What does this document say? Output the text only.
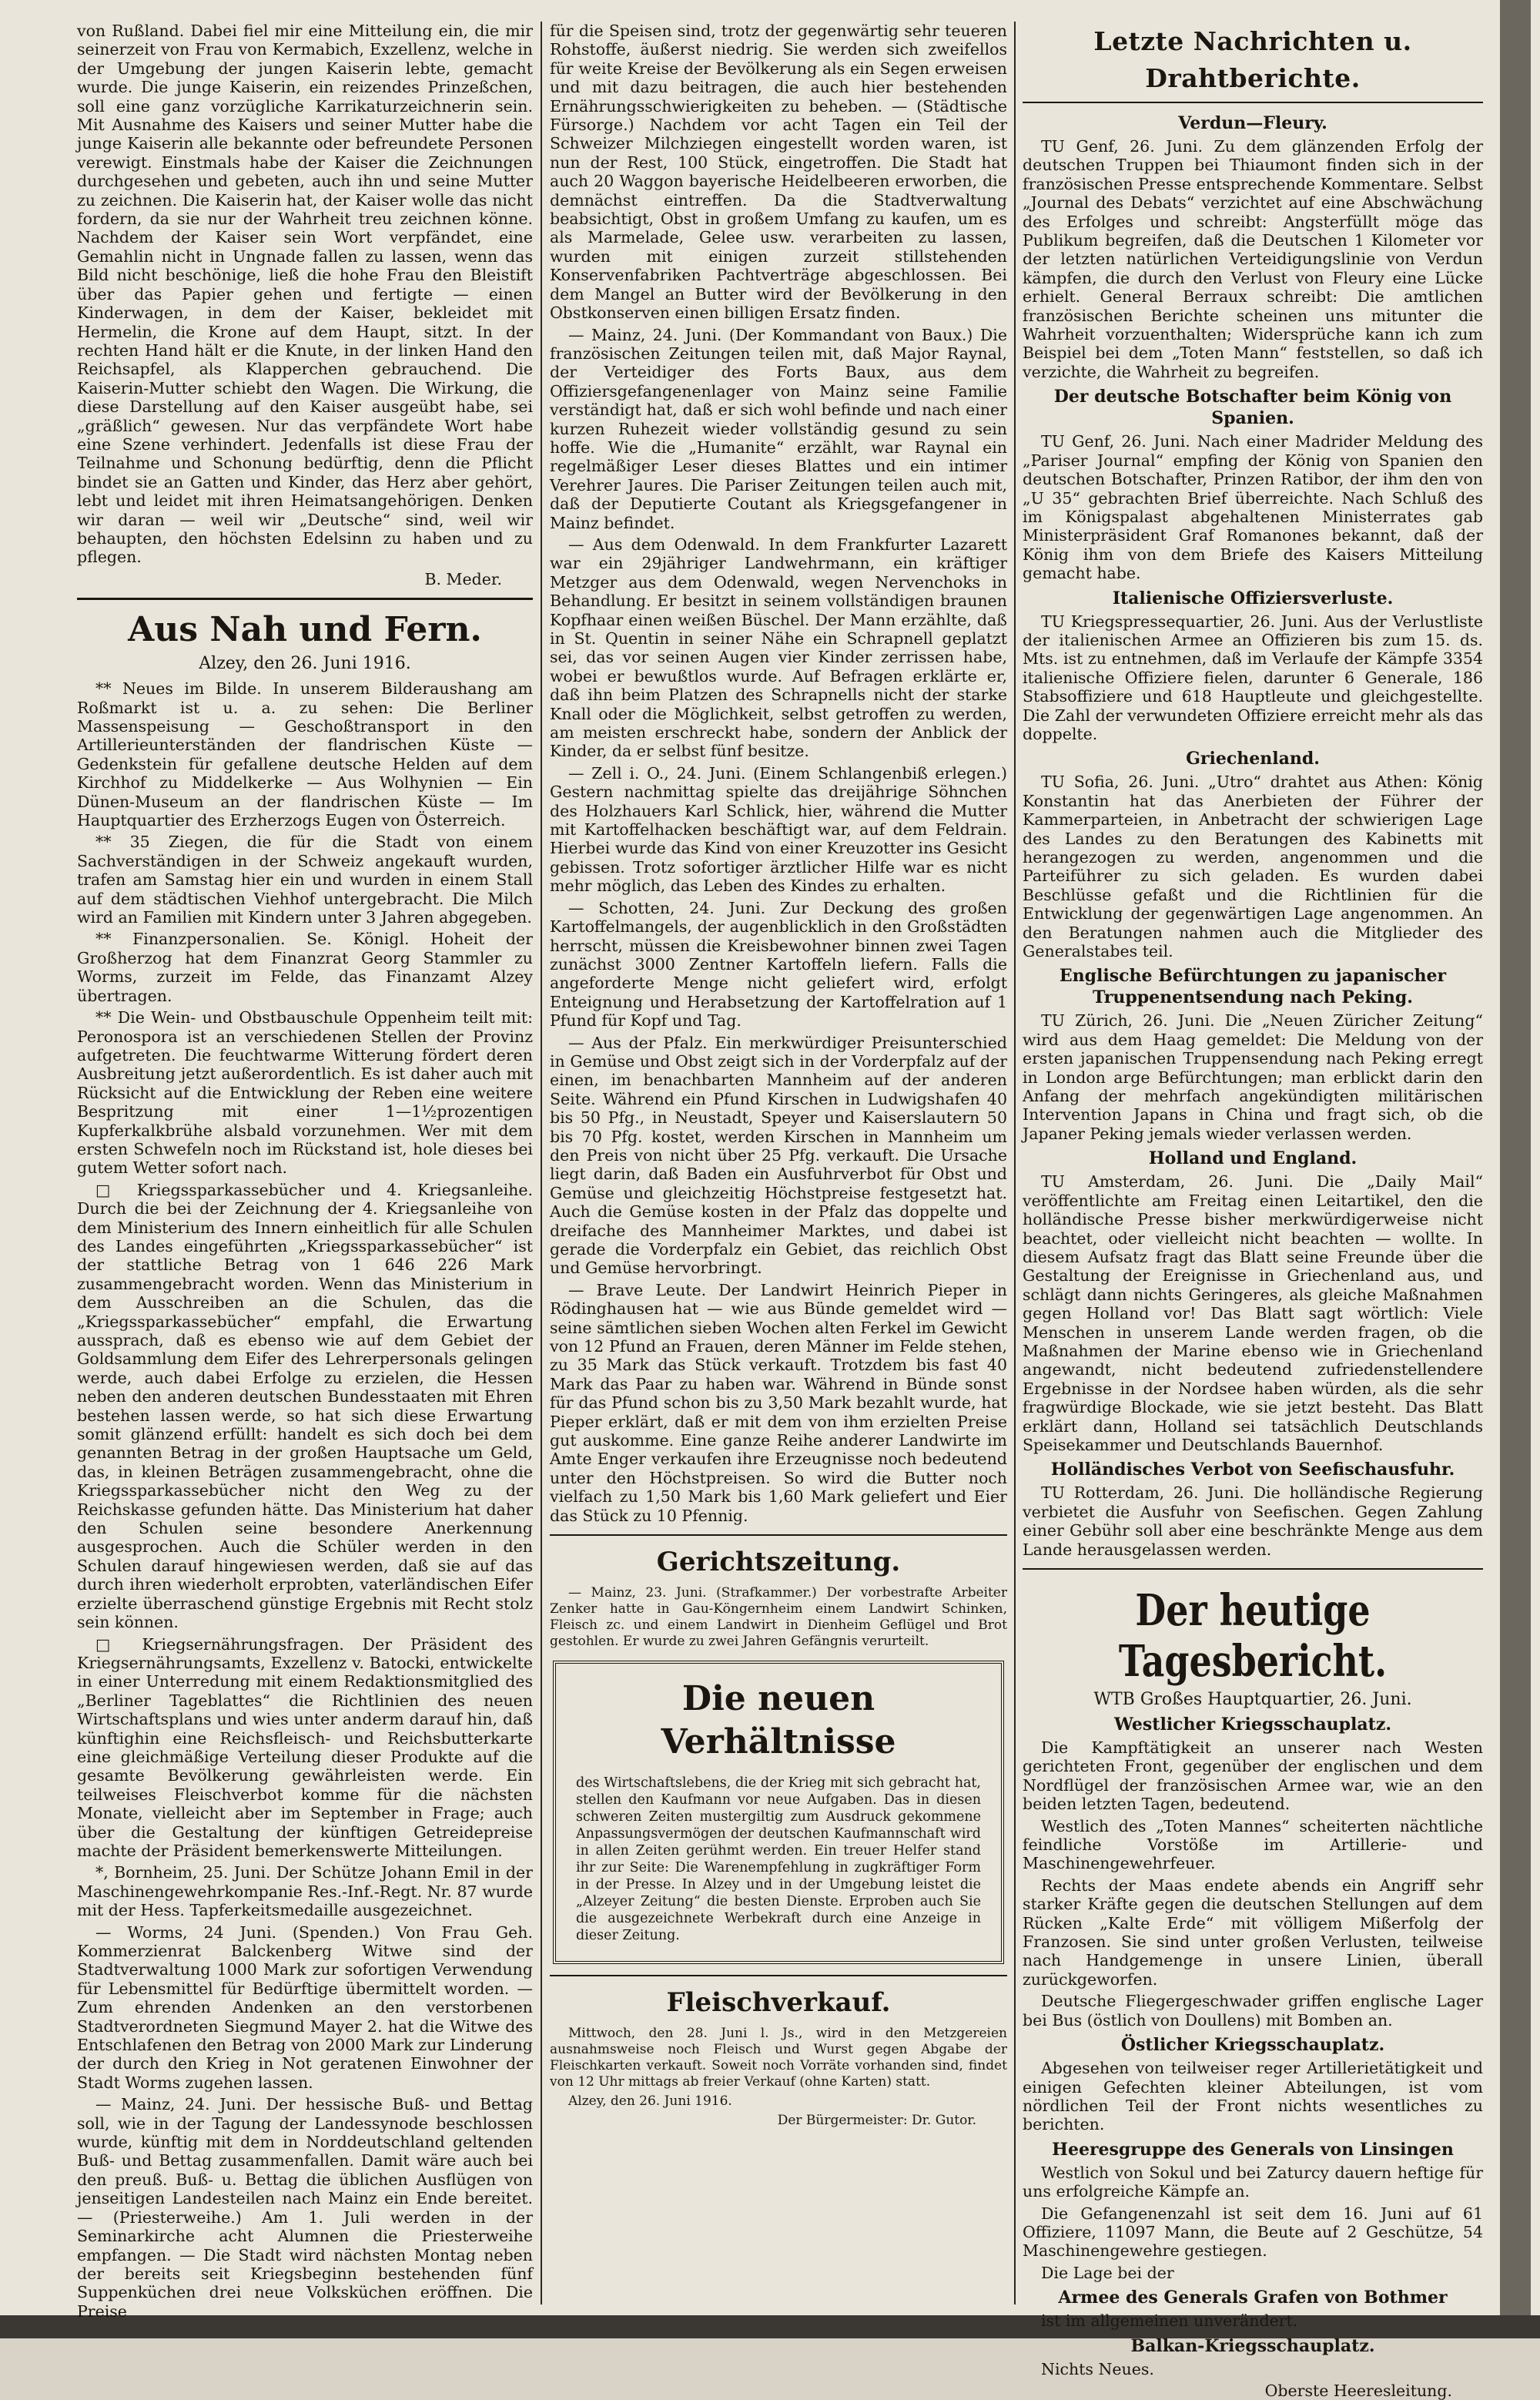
von Rußland. Dabei fiel mir eine Mitteilung ein, die mir seinerzeit von Frau von Kermabich, Exzellenz, welche in der Umgebung der jungen Kaiserin lebte, gemacht wurde. Die junge Kaiserin, ein reizendes Prinzeßchen, soll eine ganz vorzügliche Karrikaturzeichnerin sein. Mit Ausnahme des Kaisers und seiner Mutter habe die junge Kaiserin alle bekannte oder befreundete Personen verewigt. Einstmals habe der Kaiser die Zeichnungen durchgesehen und gebeten, auch ihn und seine Mutter zu zeichnen. Die Kaiserin hat, der Kaiser wolle das nicht fordern, da sie nur der Wahrheit treu zeichnen könne. Nachdem der Kaiser sein Wort verpfändet, eine Gemahlin nicht in Ungnade fallen zu lassen, wenn das Bild nicht beschönige, ließ die hohe Frau den Bleistift über das Papier gehen und fertigte — einen Kinderwagen, in dem der Kaiser, bekleidet mit Hermelin, die Krone auf dem Haupt, sitzt. In der rechten Hand hält er die Knute, in der linken Hand den Reichsapfel, als Klapperchen gebrauchend. Die Kaiserin-Mutter schiebt den Wagen. Die Wirkung, die diese Darstellung auf den Kaiser ausgeübt habe, sei „gräßlich“ gewesen. Nur das verpfändete Wort habe eine Szene verhindert. Jedenfalls ist diese Frau der Teilnahme und Schonung bedürftig, denn die Pflicht bindet sie an Gatten und Kinder, das Herz aber gehört, lebt und leidet mit ihren Heimatsangehörigen. Denken wir daran — weil wir „Deutsche“ sind, weil wir behaupten, den höchsten Edelsinn zu haben und zu pflegen.

B. Meder.

Aus Nah und Fern.
Alzey, den 26. Juni 1916.

** Neues im Bilde. In unserem Bilderaushang am Roßmarkt ist u. a. zu sehen: Die Berliner Massenspeisung — Geschoßtransport in den Artillerieunterständen der flandrischen Küste — Gedenkstein für gefallene deutsche Helden auf dem Kirchhof zu Middelkerke — Aus Wolhynien — Ein Dünen-Museum an der flandrischen Küste — Im Hauptquartier des Erzherzogs Eugen von Österreich.

** 35 Ziegen, die für die Stadt von einem Sachverständigen in der Schweiz angekauft wurden, trafen am Samstag hier ein und wurden in einem Stall auf dem städtischen Viehhof untergebracht. Die Milch wird an Familien mit Kindern unter 3 Jahren abgegeben.

** Finanzpersonalien. Se. Königl. Hoheit der Großherzog hat dem Finanzrat Georg Stammler zu Worms, zurzeit im Felde, das Finanzamt Alzey übertragen.

** Die Wein- und Obstbauschule Oppenheim teilt mit: Peronospora ist an verschiedenen Stellen der Provinz aufgetreten. Die feuchtwarme Witterung fördert deren Ausbreitung jetzt außerordentlich. Es ist daher auch mit Rücksicht auf die Entwicklung der Reben eine weitere Bespritzung mit einer 1—1½prozentigen Kupferkalkbrühe alsbald vorzunehmen. Wer mit dem ersten Schwefeln noch im Rückstand ist, hole dieses bei gutem Wetter sofort nach.

□ Kriegssparkassebücher und 4. Kriegsanleihe. Durch die bei der Zeichnung der 4. Kriegsanleihe von dem Ministerium des Innern einheitlich für alle Schulen des Landes eingeführten „Kriegssparkassebücher“ ist der stattliche Betrag von 1 646 226 Mark zusammengebracht worden. Wenn das Ministerium in dem Ausschreiben an die Schulen, das die „Kriegssparkassebücher“ empfahl, die Erwartung aussprach, daß es ebenso wie auf dem Gebiet der Goldsammlung dem Eifer des Lehrerpersonals gelingen werde, auch dabei Erfolge zu erzielen, die Hessen neben den anderen deutschen Bundesstaaten mit Ehren bestehen lassen werde, so hat sich diese Erwartung somit glänzend erfüllt: handelt es sich doch bei dem genannten Betrag in der großen Hauptsache um Geld, das, in kleinen Beträgen zusammengebracht, ohne die Kriegssparkassebücher nicht den Weg zu der Reichskasse gefunden hätte. Das Ministerium hat daher den Schulen seine besondere Anerkennung ausgesprochen. Auch die Schüler werden in den Schulen darauf hingewiesen werden, daß sie auf das durch ihren wiederholt erprobten, vaterländischen Eifer erzielte überraschend günstige Ergebnis mit Recht stolz sein können.

□ Kriegsernährungsfragen. Der Präsident des Kriegsernährungsamts, Exzellenz v. Batocki, entwickelte in einer Unterredung mit einem Redaktionsmitglied des „Berliner Tageblattes“ die Richtlinien des neuen Wirtschaftsplans und wies unter anderm darauf hin, daß künftighin eine Reichsfleisch- und Reichsbutterkarte eine gleichmäßige Verteilung dieser Produkte auf die gesamte Bevölkerung gewährleisten werde. Ein teilweises Fleischverbot komme für die nächsten Monate, vielleicht aber im September in Frage; auch über die Gestaltung der künftigen Getreidepreise machte der Präsident bemerkenswerte Mitteilungen.

*, Bornheim, 25. Juni. Der Schütze Johann Emil in der Maschinengewehrkompanie Res.-Inf.-Regt. Nr. 87 wurde mit der Hess. Tapferkeitsmedaille ausgezeichnet.

— Worms, 24 Juni. (Spenden.) Von Frau Geh. Kommerzienrat Balckenberg Witwe sind der Stadtverwaltung 1000 Mark zur sofortigen Verwendung für Lebensmittel für Bedürftige übermittelt worden. — Zum ehrenden Andenken an den verstorbenen Stadtverordneten Siegmund Mayer 2. hat die Witwe des Entschlafenen den Betrag von 2000 Mark zur Linderung der durch den Krieg in Not geratenen Einwohner der Stadt Worms zugehen lassen.

— Mainz, 24. Juni. Der hessische Buß- und Bettag soll, wie in der Tagung der Landessynode beschlossen wurde, künftig mit dem in Norddeutschland geltenden Buß- und Bettag zusammenfallen. Damit wäre auch bei den preuß. Buß- u. Bettag die üblichen Ausflügen von jenseitigen Landesteilen nach Mainz ein Ende bereitet. — (Priesterweihe.) Am 1. Juli werden in der Seminarkirche acht Alumnen die Priesterweihe empfangen. — Die Stadt wird nächsten Montag neben der bereits seit Kriegsbeginn bestehenden fünf Suppenküchen drei neue Volksküchen eröffnen. Die Preise

für die Speisen sind, trotz der gegenwärtig sehr teueren Rohstoffe, äußerst niedrig. Sie werden sich zweifellos für weite Kreise der Bevölkerung als ein Segen erweisen und mit dazu beitragen, die auch hier bestehenden Ernährungsschwierigkeiten zu beheben. — (Städtische Fürsorge.) Nachdem vor acht Tagen ein Teil der Schweizer Milchziegen eingestellt worden waren, ist nun der Rest, 100 Stück, eingetroffen. Die Stadt hat auch 20 Waggon bayerische Heidelbeeren erworben, die demnächst eintreffen. Da die Stadtverwaltung beabsichtigt, Obst in großem Umfang zu kaufen, um es als Marmelade, Gelee usw. verarbeiten zu lassen, wurden mit einigen zurzeit stillstehenden Konservenfabriken Pachtverträge abgeschlossen. Bei dem Mangel an Butter wird der Bevölkerung in den Obstkonserven einen billigen Ersatz finden.

— Mainz, 24. Juni. (Der Kommandant von Baux.) Die französischen Zeitungen teilen mit, daß Major Raynal, der Verteidiger des Forts Baux, aus dem Offiziersgefangenenlager von Mainz seine Familie verständigt hat, daß er sich wohl befinde und nach einer kurzen Ruhezeit wieder vollständig gesund zu sein hoffe. Wie die „Humanite“ erzählt, war Raynal ein regelmäßiger Leser dieses Blattes und ein intimer Verehrer Jaures. Die Pariser Zeitungen teilen auch mit, daß der Deputierte Coutant als Kriegsgefangener in Mainz befindet.

— Aus dem Odenwald. In dem Frankfurter Lazarett war ein 29jähriger Landwehrmann, ein kräftiger Metzger aus dem Odenwald, wegen Nervenchoks in Behandlung. Er besitzt in seinem vollständigen braunen Kopfhaar einen weißen Büschel. Der Mann erzählte, daß in St. Quentin in seiner Nähe ein Schrapnell geplatzt sei, das vor seinen Augen vier Kinder zerrissen habe, wobei er bewußtlos wurde. Auf Befragen erklärte er, daß ihn beim Platzen des Schrapnells nicht der starke Knall oder die Möglichkeit, selbst getroffen zu werden, am meisten erschreckt habe, sondern der Anblick der Kinder, da er selbst fünf besitze.

— Zell i. O., 24. Juni. (Einem Schlangenbiß erlegen.) Gestern nachmittag spielte das dreijährige Söhnchen des Holzhauers Karl Schlick, hier, während die Mutter mit Kartoffelhacken beschäftigt war, auf dem Feldrain. Hierbei wurde das Kind von einer Kreuzotter ins Gesicht gebissen. Trotz sofortiger ärztlicher Hilfe war es nicht mehr möglich, das Leben des Kindes zu erhalten.

— Schotten, 24. Juni. Zur Deckung des großen Kartoffelmangels, der augenblicklich in den Großstädten herrscht, müssen die Kreisbewohner binnen zwei Tagen zunächst 3000 Zentner Kartoffeln liefern. Falls die angeforderte Menge nicht geliefert wird, erfolgt Enteignung und Herabsetzung der Kartoffelration auf 1 Pfund für Kopf und Tag.

— Aus der Pfalz. Ein merkwürdiger Preisunterschied in Gemüse und Obst zeigt sich in der Vorderpfalz auf der einen, im benachbarten Mannheim auf der anderen Seite. Während ein Pfund Kirschen in Ludwigshafen 40 bis 50 Pfg., in Neustadt, Speyer und Kaiserslautern 50 bis 70 Pfg. kostet, werden Kirschen in Mannheim um den Preis von nicht über 25 Pfg. verkauft. Die Ursache liegt darin, daß Baden ein Ausfuhrverbot für Obst und Gemüse und gleichzeitig Höchstpreise festgesetzt hat. Auch die Gemüse kosten in der Pfalz das doppelte und dreifache des Mannheimer Marktes, und dabei ist gerade die Vorderpfalz ein Gebiet, das reichlich Obst und Gemüse hervorbringt.

— Brave Leute. Der Landwirt Heinrich Pieper in Rödinghausen hat — wie aus Bünde gemeldet wird — seine sämtlichen sieben Wochen alten Ferkel im Gewicht von 12 Pfund an Frauen, deren Männer im Felde stehen, zu 35 Mark das Stück verkauft. Trotzdem bis fast 40 Mark das Paar zu haben war. Während in Bünde sonst für das Pfund schon bis zu 3,50 Mark bezahlt wurde, hat Pieper erklärt, daß er mit dem von ihm erzielten Preise gut auskomme. Eine ganze Reihe anderer Landwirte im Amte Enger verkaufen ihre Erzeugnisse noch bedeutend unter den Höchstpreisen. So wird die Butter noch vielfach zu 1,50 Mark bis 1,60 Mark geliefert und Eier das Stück zu 10 Pfennig.

Gerichtszeitung.

— Mainz, 23. Juni. (Strafkammer.) Der vorbestrafte Arbeiter Zenker hatte in Gau-Köngernheim einem Landwirt Schinken, Fleisch zc. und einem Landwirt in Dienheim Geflügel und Brot gestohlen. Er wurde zu zwei Jahren Gefängnis verurteilt.

Die neuen Verhältnisse

des Wirtschaftslebens, die der Krieg mit sich gebracht hat, stellen den Kaufmann vor neue Aufgaben. Das in diesen schweren Zeiten mustergiltig zum Ausdruck gekommene Anpassungsvermögen der deutschen Kaufmannschaft wird in allen Zeiten gerühmt werden. Ein treuer Helfer stand ihr zur Seite: Die Warenempfehlung in zugkräftiger Form in der Presse. In Alzey und in der Umgebung leistet die „Alzeyer Zeitung“ die besten Dienste. Erproben auch Sie die ausgezeichnete Werbekraft durch eine Anzeige in dieser Zeitung.

Fleischverkauf.

Mittwoch, den 28. Juni l. Js., wird in den Metzgereien ausnahmsweise noch Fleisch und Wurst gegen Abgabe der Fleischkarten verkauft. Soweit noch Vorräte vorhanden sind, findet von 12 Uhr mittags ab freier Verkauf (ohne Karten) statt.

Alzey, den 26. Juni 1916.

Der Bürgermeister: Dr. Gutor.

Letzte Nachrichten u. Drahtberichte.
Verdun—Fleury.

TU Genf, 26. Juni. Zu dem glänzenden Erfolg der deutschen Truppen bei Thiaumont finden sich in der französischen Presse entsprechende Kommentare. Selbst „Journal des Debats“ verzichtet auf eine Abschwächung des Erfolges und schreibt: Angsterfüllt möge das Publikum begreifen, daß die Deutschen 1 Kilometer vor der letzten natürlichen Verteidigungslinie von Verdun kämpfen, die durch den Verlust von Fleury eine Lücke erhielt. General Berraux schreibt: Die amtlichen französischen Berichte scheinen uns mitunter die Wahrheit vorzuenthalten; Widersprüche kann ich zum Beispiel bei dem „Toten Mann“ feststellen, so daß ich verzichte, die Wahrheit zu begreifen.

Der deutsche Botschafter beim König von Spanien.

TU Genf, 26. Juni. Nach einer Madrider Meldung des „Pariser Journal“ empfing der König von Spanien den deutschen Botschafter, Prinzen Ratibor, der ihm den von „U 35“ gebrachten Brief überreichte. Nach Schluß des im Königspalast abgehaltenen Ministerrates gab Ministerpräsident Graf Romanones bekannt, daß der König ihm von dem Briefe des Kaisers Mitteilung gemacht habe.

Italienische Offiziersverluste.

TU Kriegspressequartier, 26. Juni. Aus der Verlustliste der italienischen Armee an Offizieren bis zum 15. ds. Mts. ist zu entnehmen, daß im Verlaufe der Kämpfe 3354 italienische Offiziere fielen, darunter 6 Generale, 186 Stabsoffiziere und 618 Hauptleute und gleichgestellte. Die Zahl der verwundeten Offiziere erreicht mehr als das doppelte.

Griechenland.

TU Sofia, 26. Juni. „Utro“ drahtet aus Athen: König Konstantin hat das Anerbieten der Führer der Kammerparteien, in Anbetracht der schwierigen Lage des Landes zu den Beratungen des Kabinetts mit herangezogen zu werden, angenommen und die Parteiführer zu sich geladen. Es wurden dabei Beschlüsse gefaßt und die Richtlinien für die Entwicklung der gegenwärtigen Lage angenommen. An den Beratungen nahmen auch die Mitglieder des Generalstabes teil.

Englische Befürchtungen zu japanischer Truppenentsendung nach Peking.

TU Zürich, 26. Juni. Die „Neuen Züricher Zeitung“ wird aus dem Haag gemeldet: Die Meldung von der ersten japanischen Truppensendung nach Peking erregt in London arge Befürchtungen; man erblickt darin den Anfang der mehrfach angekündigten militärischen Intervention Japans in China und fragt sich, ob die Japaner Peking jemals wieder verlassen werden.

Holland und England.

TU Amsterdam, 26. Juni. Die „Daily Mail“ veröffentlichte am Freitag einen Leitartikel, den die holländische Presse bisher merkwürdigerweise nicht beachtet, oder vielleicht nicht beachten — wollte. In diesem Aufsatz fragt das Blatt seine Freunde über die Gestaltung der Ereignisse in Griechenland aus, und schlägt dann nichts Geringeres, als gleiche Maßnahmen gegen Holland vor! Das Blatt sagt wörtlich: Viele Menschen in unserem Lande werden fragen, ob die Maßnahmen der Marine ebenso wie in Griechenland angewandt, nicht bedeutend zufriedenstellendere Ergebnisse in der Nordsee haben würden, als die sehr fragwürdige Blockade, wie sie jetzt besteht. Das Blatt erklärt dann, Holland sei tatsächlich Deutschlands Speisekammer und Deutschlands Bauernhof.

Holländisches Verbot von Seefischausfuhr.

TU Rotterdam, 26. Juni. Die holländische Regierung verbietet die Ausfuhr von Seefischen. Gegen Zahlung einer Gebühr soll aber eine beschränkte Menge aus dem Lande herausgelassen werden.

Der heutige Tagesbericht.
WTB Großes Hauptquartier, 26. Juni.
Westlicher Kriegsschauplatz.

Die Kampftätigkeit an unserer nach Westen gerichteten Front, gegenüber der englischen und dem Nordflügel der französischen Armee war, wie an den beiden letzten Tagen, bedeutend.

Westlich des „Toten Mannes“ scheiterten nächtliche feindliche Vorstöße im Artillerie- und Maschinengewehrfeuer.

Rechts der Maas endete abends ein Angriff sehr starker Kräfte gegen die deutschen Stellungen auf dem Rücken „Kalte Erde“ mit völligem Mißerfolg der Franzosen. Sie sind unter großen Verlusten, teilweise nach Handgemenge in unsere Linien, überall zurückgeworfen.

Deutsche Fliegergeschwader griffen englische Lager bei Bus (östlich von Doullens) mit Bomben an.

Östlicher Kriegsschauplatz.

Abgesehen von teilweiser reger Artillerietätigkeit und einigen Gefechten kleiner Abteilungen, ist vom nördlichen Teil der Front nichts wesentliches zu berichten.

Heeresgruppe des Generals von Linsingen

Westlich von Sokul und bei Zaturcy dauern heftige für uns erfolgreiche Kämpfe an.

Die Gefangenenzahl ist seit dem 16. Juni auf 61 Offiziere, 11097 Mann, die Beute auf 2 Geschütze, 54 Maschinengewehre gestiegen.

Die Lage bei der

Armee des Generals Grafen von Bothmer

ist im allgemeinen unverändert.

Balkan-Kriegsschauplatz.

Nichts Neues.

Oberste Heeresleitung.
